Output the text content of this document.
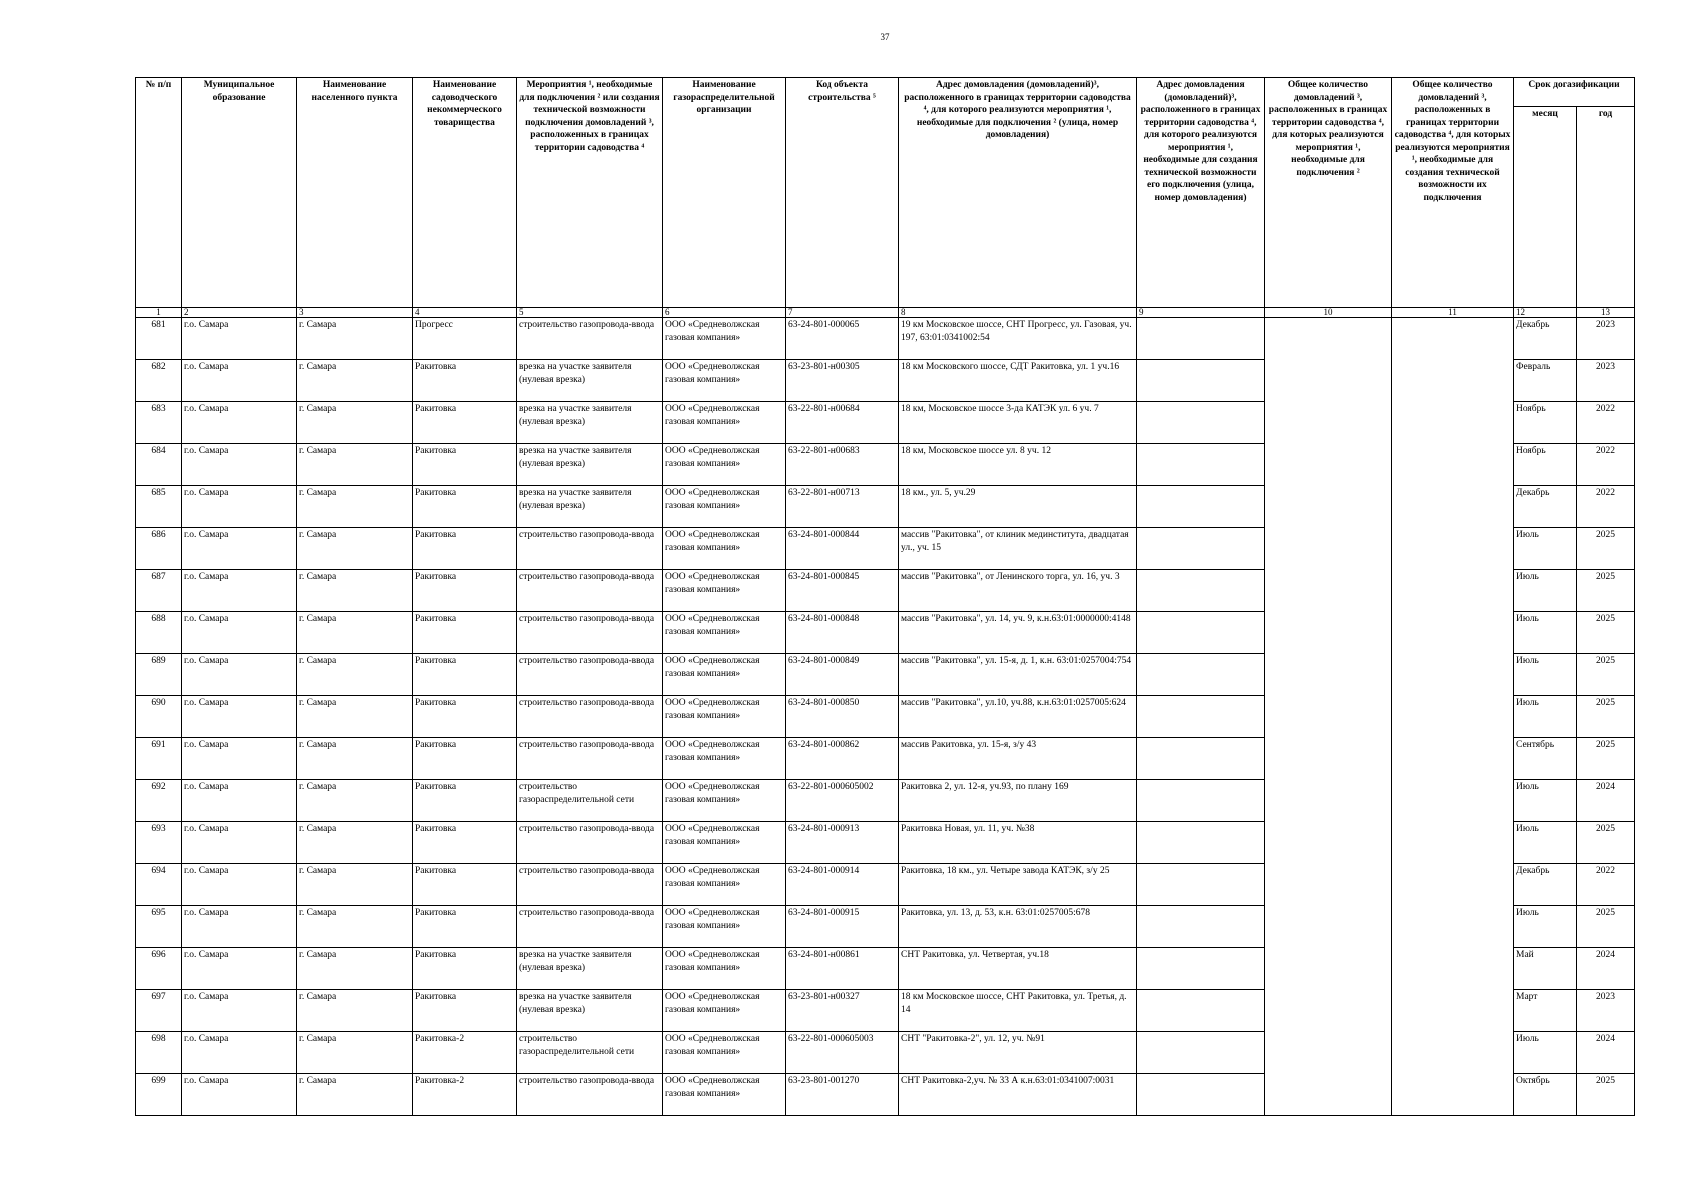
37
№ п/п	Муниципальное образование	Наименование населенного пункта	Наименование садоводческого некоммерческого товарищества	Мероприятия ¹, необходимые для подключения ² или создания технической возможности подключения домовладений ³, расположенных в границах территории садоводства ⁴	Наименование газораспределительной организации	Код объекта строительства ⁵	Адрес домовладения (домовладений)³, расположенного в границах территории садоводства ⁴, для которого реализуются мероприятия ¹, необходимые для подключения ² (улица, номер домовладения)	Адрес домовладения (домовладений)³, расположенного в границах территории садоводства ⁴, для которого реализуются мероприятия ¹, необходимые для создания технической возможности его подключения (улица, номер домовладения)	Общее количество домовладений ³, расположенных в границах территории садоводства ⁴, для которых реализуются мероприятия ¹, необходимые для подключения ²	Общее количество домовладений ³, расположенных в границах территории садоводства ⁴, для которых реализуются мероприятия ¹, необходимые для создания технической возможности их подключения	Срок догазификации	
											месяц	год
1	2	3	4	5	6	7	8	9	10	11	12	13
681	г.о. Самара	г. Самара	Прогресс	строительство газопровода-ввода	ООО «Средневолжская газовая компания»	63-24-801-000065	19 км Московское шоссе, СНТ Прогресс, ул. Газовая, уч. 197, 63:01:0341002:54				Декабрь	2023
682	г.о. Самара	г. Самара	Ракитовка	врезка на участке заявителя (нулевая врезка)	ООО «Средневолжская газовая компания»	63-23-801-н00305	18 км Московского шоссе, СДТ Ракитовка, ул. 1 уч.16				Февраль	2023
683	г.о. Самара	г. Самара	Ракитовка	врезка на участке заявителя (нулевая врезка)	ООО «Средневолжская газовая компания»	63-22-801-н00684	18 км, Московское шоссе 3-да КАТЭК ул. 6 уч. 7				Ноябрь	2022
684	г.о. Самара	г. Самара	Ракитовка	врезка на участке заявителя (нулевая врезка)	ООО «Средневолжская газовая компания»	63-22-801-н00683	18 км, Московское шоссе ул. 8 уч. 12				Ноябрь	2022
685	г.о. Самара	г. Самара	Ракитовка	врезка на участке заявителя (нулевая врезка)	ООО «Средневолжская газовая компания»	63-22-801-н00713	18 км., ул. 5, уч.29				Декабрь	2022
686	г.о. Самара	г. Самара	Ракитовка	строительство газопровода-ввода	ООО «Средневолжская газовая компания»	63-24-801-000844	массив "Ракитовка", от клиник мединститута, двадцатая ул., уч. 15				Июль	2025
687	г.о. Самара	г. Самара	Ракитовка	строительство газопровода-ввода	ООО «Средневолжская газовая компания»	63-24-801-000845	массив "Ракитовка", от Ленинского торга, ул. 16, уч. 3				Июль	2025
688	г.о. Самара	г. Самара	Ракитовка	строительство газопровода-ввода	ООО «Средневолжская газовая компания»	63-24-801-000848	массив "Ракитовка", ул. 14, уч. 9, к.н.63:01:0000000:4148				Июль	2025
689	г.о. Самара	г. Самара	Ракитовка	строительство газопровода-ввода	ООО «Средневолжская газовая компания»	63-24-801-000849	массив "Ракитовка", ул. 15-я, д. 1, к.н. 63:01:0257004:754				Июль	2025
690	г.о. Самара	г. Самара	Ракитовка	строительство газопровода-ввода	ООО «Средневолжская газовая компания»	63-24-801-000850	массив "Ракитовка", ул.10, уч.88, к.н.63:01:0257005:624				Июль	2025
691	г.о. Самара	г. Самара	Ракитовка	строительство газопровода-ввода	ООО «Средневолжская газовая компания»	63-24-801-000862	массив Ракитовка, ул. 15-я, з/у 43				Сентябрь	2025
692	г.о. Самара	г. Самара	Ракитовка	строительство газораспределительной сети	ООО «Средневолжская газовая компания»	63-22-801-000605002	Ракитовка 2, ул. 12-я, уч.93, по плану 169				Июль	2024
693	г.о. Самара	г. Самара	Ракитовка	строительство газопровода-ввода	ООО «Средневолжская газовая компания»	63-24-801-000913	Ракитовка Новая, ул. 11, уч. №38				Июль	2025
694	г.о. Самара	г. Самара	Ракитовка	строительство газопровода-ввода	ООО «Средневолжская газовая компания»	63-24-801-000914	Ракитовка, 18 км., ул. Четыре завода КАТЭК, з/у 25				Декабрь	2022
695	г.о. Самара	г. Самара	Ракитовка	строительство газопровода-ввода	ООО «Средневолжская газовая компания»	63-24-801-000915	Ракитовка, ул. 13, д. 53, к.н. 63:01:0257005:678				Июль	2025
696	г.о. Самара	г. Самара	Ракитовка	врезка на участке заявителя (нулевая врезка)	ООО «Средневолжская газовая компания»	63-24-801-н00861	СНТ Ракитовка, ул. Четвертая, уч.18				Май	2024
697	г.о. Самара	г. Самара	Ракитовка	врезка на участке заявителя (нулевая врезка)	ООО «Средневолжская газовая компания»	63-23-801-н00327	18 км Московское шоссе, СНТ Ракитовка, ул. Третья, д. 14				Март	2023
698	г.о. Самара	г. Самара	Ракитовка-2	строительство газораспределительной сети	ООО «Средневолжская газовая компания»	63-22-801-000605003	СНТ "Ракитовка-2", ул. 12, уч. №91				Июль	2024
699	г.о. Самара	г. Самара	Ракитовка-2	строительство газопровода-ввода	ООО «Средневолжская газовая компания»	63-23-801-001270	СНТ Ракитовка-2,уч. № 33 А к.н.63:01:0341007:0031				Октябрь	2025
